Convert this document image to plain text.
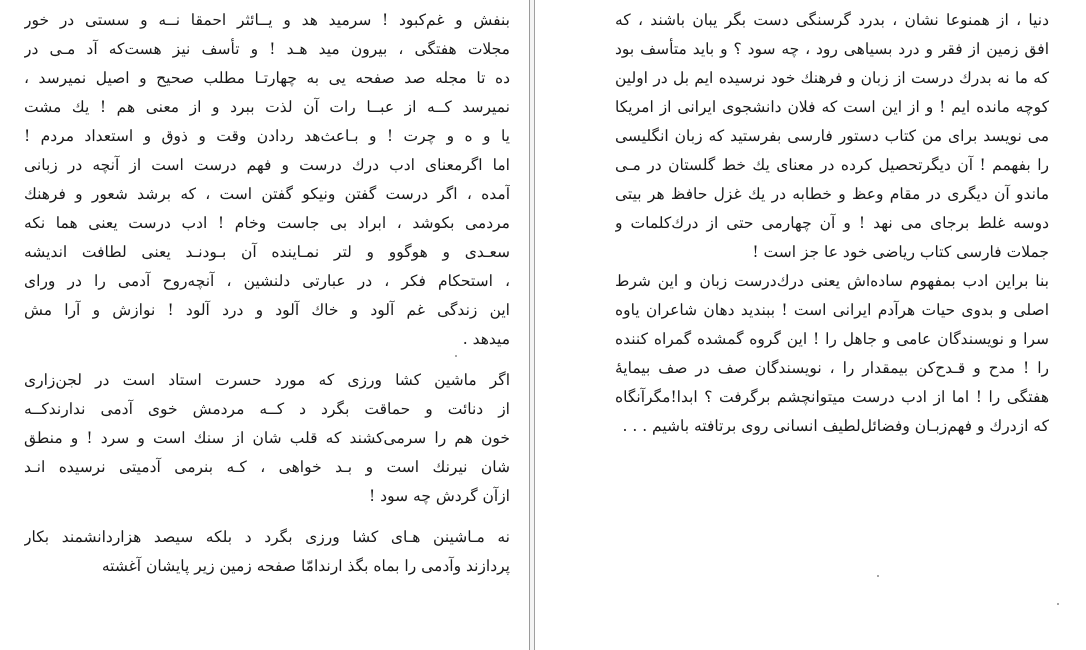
بنفش و غم‌کبود ! سرمید هد و یــائثر احمقا نــه و سستی در خور
مجلات هفتگی ، بیرون مید هـد ! و تأسف نیز هست‌که آد مـی در
ده تا مجله صد صفحه یی به چهارتـا مطلب صحیح و اصیل نمیرسد ،
نمیرسد کــه از عبــا رات آن لذت ببرد و از معنی هم ! یك مشت
یا و ه و چرت ! و بـاعث‌هد ردادن وقت و ذوق و استعداد مردم !
اما اگرمعنای ادب درك درست و فهم درست است از آنچه در زبانی
آمده ، اگر درست گفتن ونیکو گفتن است ، که برشد شعور و فرهنك
مردمی بکوشد ، ابراد بی جاست وخام ! ادب درست یعنی هما نکه
سعـدی و هوگوو و لتر نمـاینده آن بـودنـد یعنی لطافت اندیشه
، استحکام فکر ، در عبارتی دلنشین ، آنچه‌روح آدمی را در ورای
این زندگی غم آلود و خاك آلود و درد آلود ! نوازش و آرا مش
میدهد .

اگر ماشین کشا ورزی که مورد حسرت استاد است در لجن‌زاری
از دنائت و حماقت بگرد د کــه مردمش خوی آدمی ندارندکــه
خون هم را سرمی‌کشند که قلب شان از سنك است و سرد ! و منطق
شان نیرنك است و بـد خواهی ، کـه بنرمی آدمیتی نرسیده انـد
ازآن گردش چه سود !

نه مـاشینن هـای کشا ورزی بگرد د بلکه سیصد هزاردانشمند بکار
پردازند وآدمی را بماه بگذ ارندامّا صفحه زمین زیر پایشان آغشته

دنیا ، از همنوعا نشان ، بدرد گرسنگی دست بگر یبان باشند ، که
افق زمین از فقر و درد بسیاهی رود ، چه سود ؟ و باید متأسف بود
که ما نه بدرك درست از زبان و فرهنك خود نرسیده ایم بل در اولین
کوچه مانده ایم ! و از این است که فلان دانشجوی ایرانی از امریکا
می نویسد برای من کتاب دستور فارسی بفرستید که زبان انگلیسی
را بفهمم ! آن دیگرتحصیل کرده در معنای یك خط گلستان در مـی
ماندو آن دیگری در مقام وعظ و خطابه در یك غزل حافظ هر بیتی
دوسه غلط برجای می نهد ! و آن چهارمی حتی از درك‌کلمات و
جملات فارسی کتاب ریاضی خود عا جز است !

بنا براین ادب بمفهوم ساده‌اش یعنی درك‌درست زبان و این شرط
اصلی و بدوی حیات هرآدم ایرانی است ! ببندید دهان شاعران یاوه
سرا و نویسندگان عامی و جاهل را ! این گروه گمشده گمراه کننده
را ! مدح و قـدح‌کن بیمقدار را ، نویسندگان صف در صف بیمایهٔ
هفتگی را ! اما از ادب درست میتوانچشم برگرفت ؟ ابدا!مگرآنگاه
که ازدرك و فهم‌زبـان وفضائل‌لطیف انسانی روی برتافته باشیم . . .
